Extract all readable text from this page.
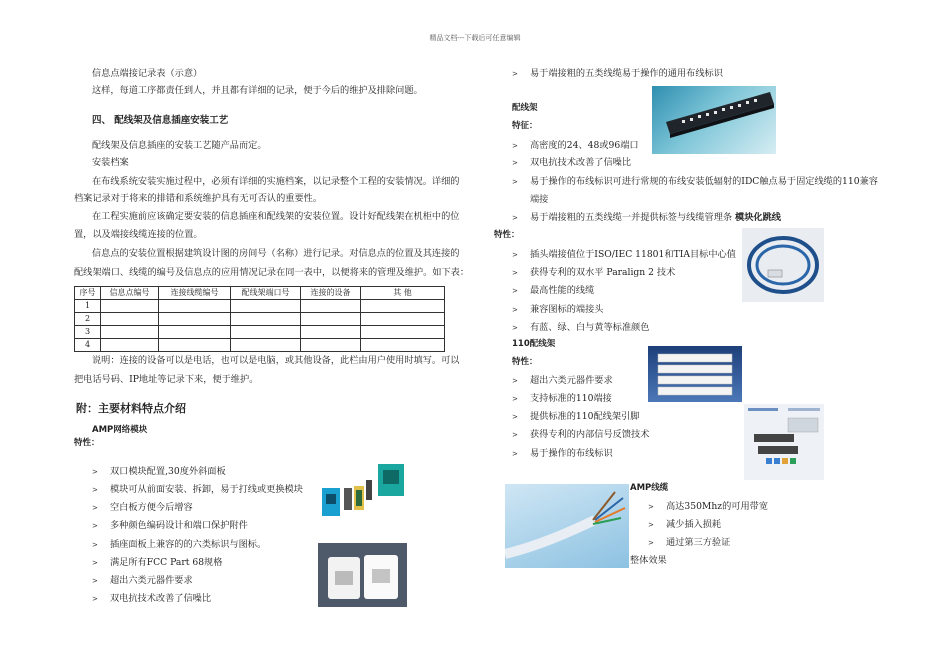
精品文档---下载后可任意编辑
信息点端接记录表（示意）
这样，每道工序都责任到人，并且都有详细的记录，便于今后的维护及排除问题。
四、 配线架及信息插座安装工艺
配线架及信息插座的安装工艺随产品而定。
安装档案
在布线系统安装实施过程中，必须有详细的实施档案，以记录整个工程的安装情况。详细的
档案记录对于将来的排错和系统维护具有无可否认的重要性。
在工程实施前应该确定要安装的信息插座和配线架的安装位置。设计好配线架在机柜中的位
置，以及端接线缆连接的位置。
信息点的安装位置根据建筑设计图的房间号（名称）进行记录。对信息点的位置及其连接的
配线架端口、线缆的编号及信息点的应用情况记录在同一表中，以便将来的管理及维护。如下表：
序号	信息点编号	连接线缆编号	配线架端口号	连接的设备	其 他
1					
2					
3					
4					
说明：连接的设备可以是电话，也可以是电脑，或其他设备，此栏由用户使用时填写。可以
把电话号码、IP地址等记录下来，便于维护。
附：主要材料特点介绍
AMP网络模块
特性：
> 双口模块配置,30度外斜面板
> 模块可从前面安装、拆卸，易于打线或更换模块
> 空白板方便今后增容
> 多种颜色编码设计和端口保护附件
> 插座面板上兼容的的六类标识与图标。
> 满足所有FCC Part 68规格
> 超出六类元器件要求
> 双电抗技术改善了信噪比
> 易于端接粗的五类线缆易于操作的通用布线标识
配线架
特征：
> 高密度的24、48或96端口
> 双电抗技术改善了信噪比
> 易于操作的布线标识可进行常规的布线安装低辐射的IDC触点易于固定线缆的110兼容
端接
> 易于端接粗的五类线缆一并提供标签与线缆管理条 模块化跳线
特性：
> 插头端接值位于ISO/IEC 11801和TIA目标中心值
> 获得专利的双水平 Paralign 2 技术
> 最高性能的线缆
> 兼容图标的端接头
> 有蓝、绿、白与黄等标准颜色
110配线架
特性：
> 超出六类元器件要求
> 支持标准的110端接
> 提供标准的110配线架引脚
> 获得专利的内部信号反馈技术
> 易于操作的布线标识
AMP线缆
> 高达350Mhz的可用带宽
> 减少插入损耗
> 通过第三方验证
整体效果
